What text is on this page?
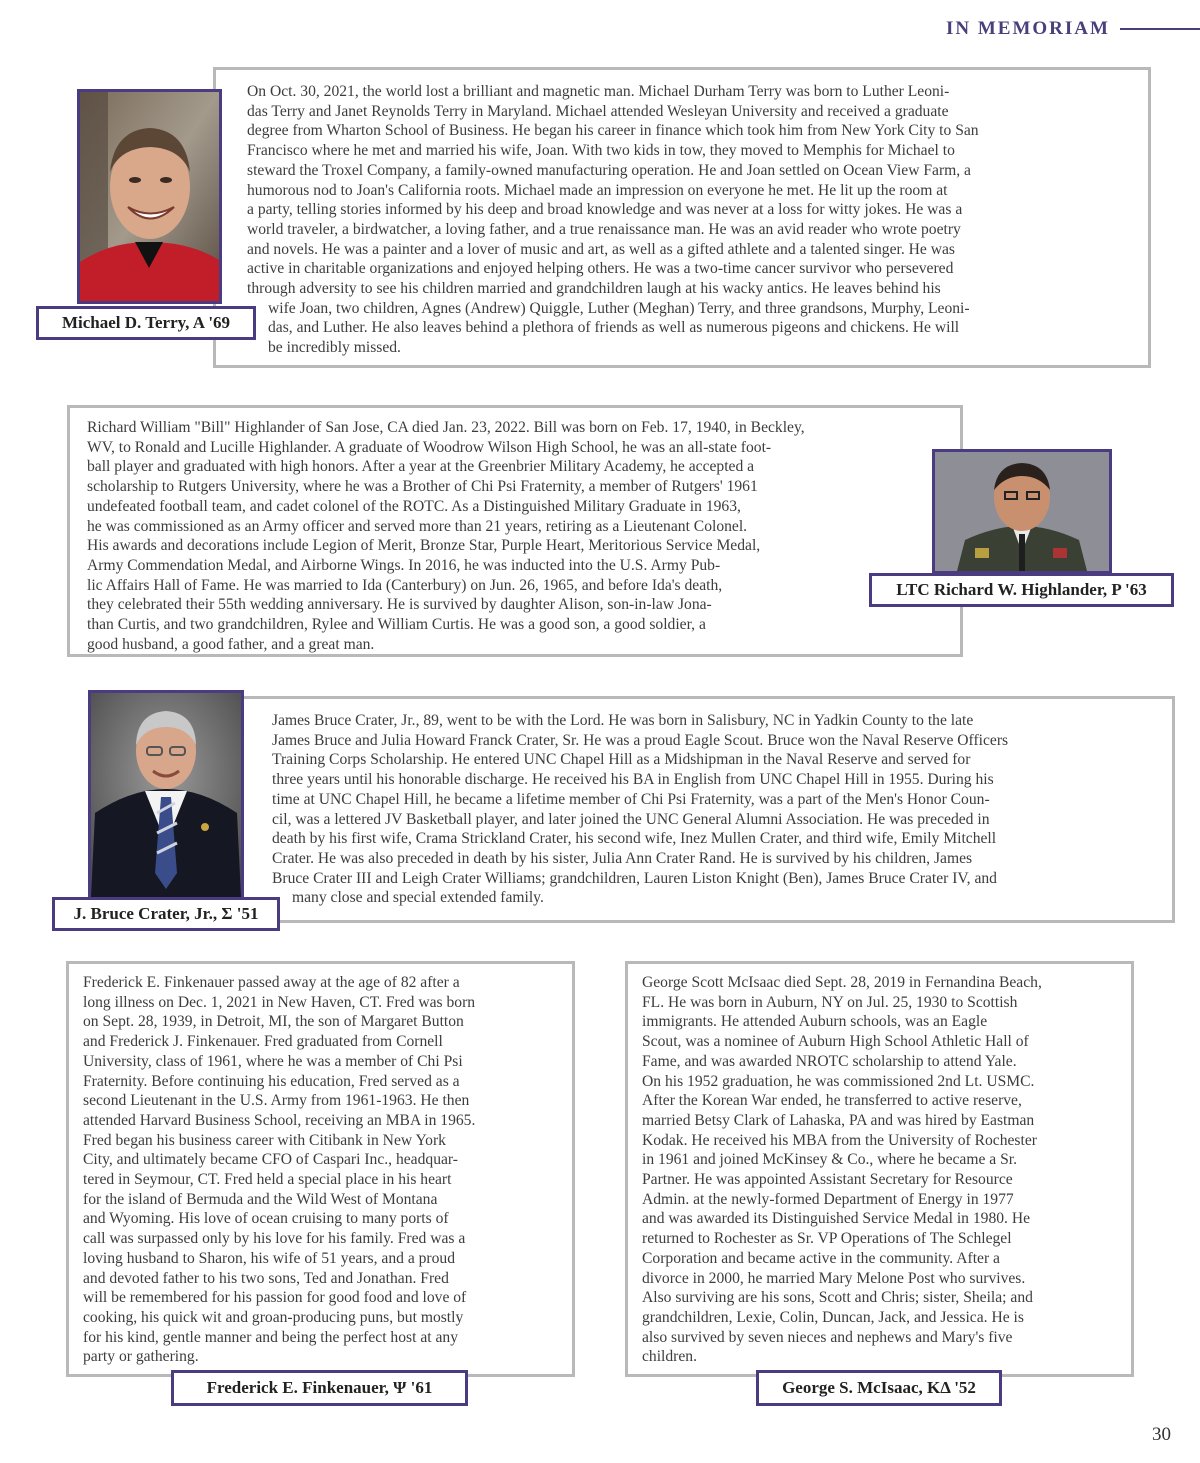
IN MEMORIAM

On Oct. 30, 2021, the world lost a brilliant and magnetic man. Michael Durham Terry was born to Luther Leoni-
das Terry and Janet Reynolds Terry in Maryland. Michael attended Wesleyan University and received a graduate
degree from Wharton School of Business. He began his career in finance which took him from New York City to San
Francisco where he met and married his wife, Joan. With two kids in tow, they moved to Memphis for Michael to
steward the Troxel Company, a family-owned manufacturing operation. He and Joan settled on Ocean View Farm, a
humorous nod to Joan's California roots. Michael made an impression on everyone he met. He lit up the room at
a party, telling stories informed by his deep and broad knowledge and was never at a loss for witty jokes. He was a
world traveler, a birdwatcher, a loving father, and a true renaissance man. He was an avid reader who wrote poetry
and novels. He was a painter and a lover of music and art, as well as a gifted athlete and a talented singer. He was
active in charitable organizations and enjoyed helping others. He was a two-time cancer survivor who persevered
through adversity to see his children married and grandchildren laugh at his wacky antics. He leaves behind his

wife Joan, two children, Agnes (Andrew) Quiggle, Luther (Meghan) Terry, and three grandsons, Murphy, Leoni-
das, and Luther. He also leaves behind a plethora of friends as well as numerous pigeons and chickens. He will
be incredibly missed.

Michael D. Terry, A '69

Richard William "Bill" Highlander of San Jose, CA died Jan. 23, 2022. Bill was born on Feb. 17, 1940, in Beckley,
WV, to Ronald and Lucille Highlander. A graduate of Woodrow Wilson High School, he was an all-state foot-
ball player and graduated with high honors. After a year at the Greenbrier Military Academy, he accepted a
scholarship to Rutgers University, where he was a Brother of Chi Psi Fraternity, a member of Rutgers' 1961
undefeated football team, and cadet colonel of the ROTC. As a Distinguished Military Graduate in 1963,
he was commissioned as an Army officer and served more than 21 years, retiring as a Lieutenant Colonel.
His awards and decorations include Legion of Merit, Bronze Star, Purple Heart, Meritorious Service Medal,
Army Commendation Medal, and Airborne Wings. In 2016, he was inducted into the U.S. Army Pub-
lic Affairs Hall of Fame. He was married to Ida (Canterbury) on Jun. 26, 1965, and before Ida's death,
they celebrated their 55th wedding anniversary. He is survived by daughter Alison, son-in-law Jona-
than Curtis, and two grandchildren, Rylee and William Curtis. He was a good son, a good soldier, a
good husband, a good father, and a great man.

LTC Richard W. Highlander, P '63

James Bruce Crater, Jr., 89, went to be with the Lord. He was born in Salisbury, NC in Yadkin County to the late
James Bruce and Julia Howard Franck Crater, Sr. He was a proud Eagle Scout. Bruce won the Naval Reserve Officers
Training Corps Scholarship. He entered UNC Chapel Hill as a Midshipman in the Naval Reserve and served for
three years until his honorable discharge. He received his BA in English from UNC Chapel Hill in 1955. During his
time at UNC Chapel Hill, he became a lifetime member of Chi Psi Fraternity, was a part of the Men's Honor Coun-
cil, was a lettered JV Basketball player, and later joined the UNC General Alumni Association. He was preceded in
death by his first wife, Crama Strickland Crater, his second wife, Inez Mullen Crater, and third wife, Emily Mitchell
Crater. He was also preceded in death by his sister, Julia Ann Crater Rand. He is survived by his children, James
Bruce Crater III and Leigh Crater Williams; grandchildren, Lauren Liston Knight (Ben), James Bruce Crater IV, and

many close and special extended family.

J. Bruce Crater, Jr., Σ '51

Frederick E. Finkenauer passed away at the age of 82 after a
long illness on Dec. 1, 2021 in New Haven, CT. Fred was born
on Sept. 28, 1939, in Detroit, MI, the son of Margaret Button
and Frederick J. Finkenauer. Fred graduated from Cornell
University, class of 1961, where he was a member of Chi Psi
Fraternity. Before continuing his education, Fred served as a
second Lieutenant in the U.S. Army from 1961-1963. He then
attended Harvard Business School, receiving an MBA in 1965.
Fred began his business career with Citibank in New York
City, and ultimately became CFO of Caspari Inc., headquar-
tered in Seymour, CT. Fred held a special place in his heart
for the island of Bermuda and the Wild West of Montana
and Wyoming. His love of ocean cruising to many ports of
call was surpassed only by his love for his family. Fred was a
loving husband to Sharon, his wife of 51 years, and a proud
and devoted father to his two sons, Ted and Jonathan. Fred
will be remembered for his passion for good food and love of
cooking, his quick wit and groan-producing puns, but mostly
for his kind, gentle manner and being the perfect host at any
party or gathering.

Frederick E. Finkenauer, Ψ '61

George Scott McIsaac died Sept. 28, 2019 in Fernandina Beach,
FL. He was born in Auburn, NY on Jul. 25, 1930 to Scottish
immigrants. He attended Auburn schools, was an Eagle
Scout, was a nominee of Auburn High School Athletic Hall of
Fame, and was awarded NROTC scholarship to attend Yale.
On his 1952 graduation, he was commissioned 2nd Lt. USMC.
After the Korean War ended, he transferred to active reserve,
married Betsy Clark of Lahaska, PA and was hired by Eastman
Kodak. He received his MBA from the University of Rochester
in 1961 and joined McKinsey & Co., where he became a Sr.
Partner. He was appointed Assistant Secretary for Resource
Admin. at the newly-formed Department of Energy in 1977
and was awarded its Distinguished Service Medal in 1980. He
returned to Rochester as Sr. VP Operations of The Schlegel
Corporation and became active in the community. After a
divorce in 2000, he married Mary Melone Post who survives.
Also surviving are his sons, Scott and Chris; sister, Sheila; and
grandchildren, Lexie, Colin, Duncan, Jack, and Jessica. He is
also survived by seven nieces and nephews and Mary's five
children.

George S. McIsaac, KΔ '52
30
